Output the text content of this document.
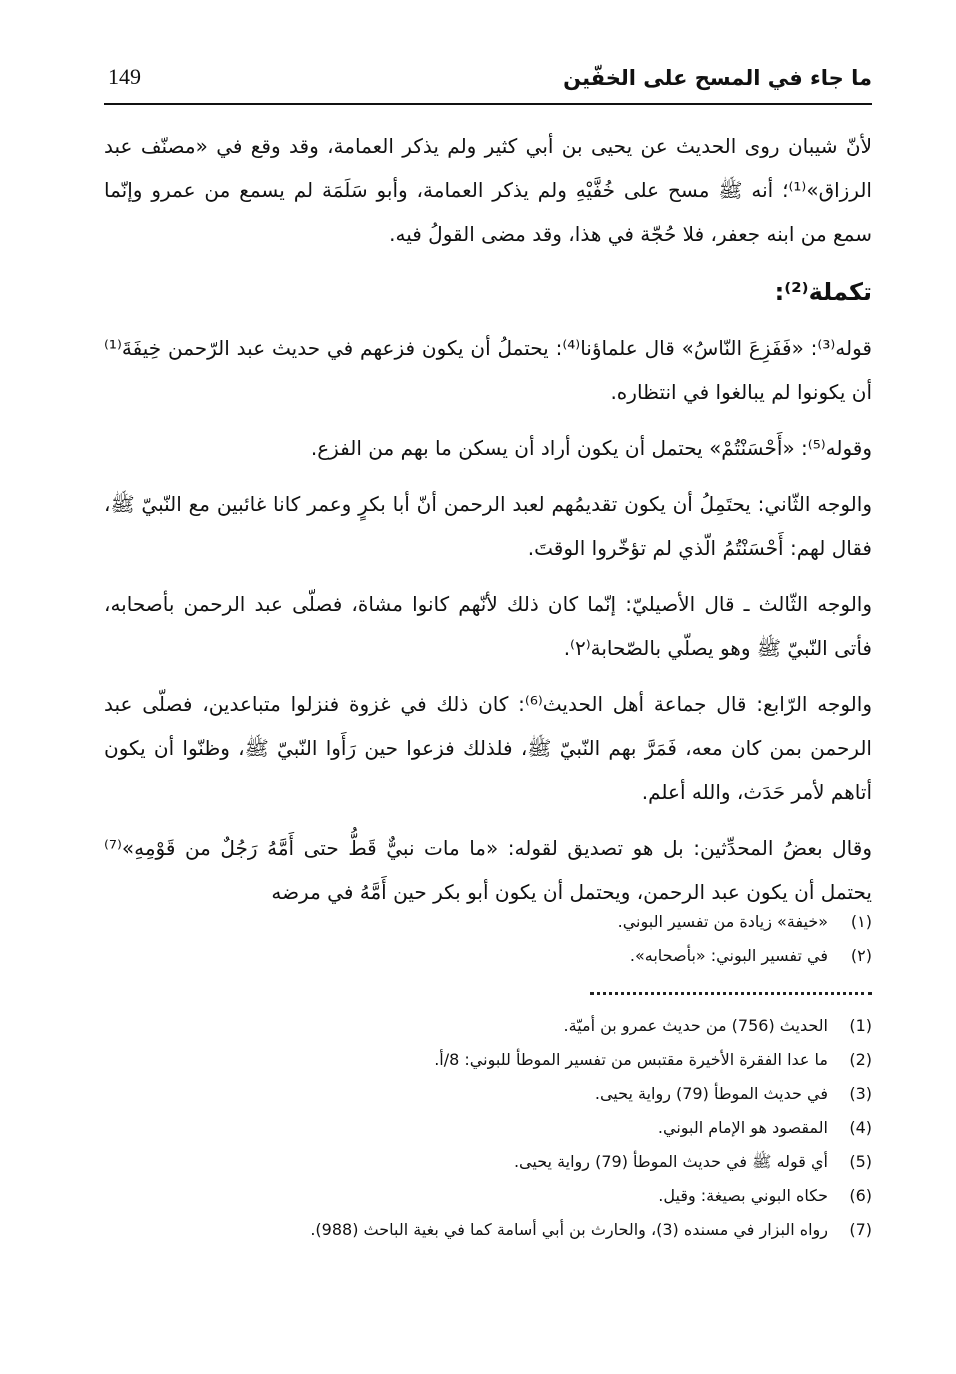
149	ما جاء في المسح على الخفّين

لأنّ شيبان روى الحديث عن يحيى بن أبي كثير ولم يذكر العمامة، وقد وقع في «مصنّف عبد الرزاق»⁽¹⁾؛ أنه ﷺ مسح على خُفَّيْهِ ولم يذكر العمامة، وأبو سَلَمَة لم يسمع من عمرو وإنّما سمع من ابنه جعفر، فلا حُجّة في هذا، وقد مضى القولُ فيه.

تكملة⁽²⁾:

قوله⁽³⁾: «فَفَزِعَ النّاسُ» قال علماؤنا⁽⁴⁾: يحتملُ أن يكون فزعهم في حديث عبد الرّحمن خِيفَةَ⁽¹⁾ أن يكونوا لم يبالغوا في انتظاره.

وقوله⁽⁵⁾: «أَحْسَنْتُمْ» يحتمل أن يكون أراد أن يسكن ما بهم من الفزع.

والوجه الثّاني: يحتَمِلُ أن يكون تقديمُهم لعبد الرحمن أنّ أبا بكرٍ وعمر كانا غائبين مع النّبيّ ﷺ، فقال لهم: أَحْسَنْتُمُ الّذي لم تؤخّروا الوقتَ.

والوجه الثّالث ـ قال الأصيليّ: إنّما كان ذلك لأنّهم كانوا مشاة، فصلّى عبد الرحمن بأصحابه، فأتى النّبيّ ﷺ وهو يصلّي بالصّحابة⁽٢⁾.

والوجه الرّابع: قال جماعة أهل الحديث⁽⁶⁾: كان ذلك في غزوة فنزلوا متباعدين، فصلّى عبد الرحمن بمن كان معه، فَمَرَّ بهم النّبيّ ﷺ، فلذلك فزعوا حين رَأَوا النّبيّ ﷺ، وظنّوا أن يكون أتاهم لأمر حَدَث، والله أعلم.

وقال بعضُ المحدِّثين: بل هو تصديق لقوله: «ما مات نبيٌّ قَطُّ حتى أَمَّهُ رَجُلٌ من قَوْمِهِ»⁽⁷⁾ يحتمل أن يكون عبد الرحمن، ويحتمل أن يكون أبو بكر حين أَمَّهُ في مرضه

(١)
«خيفة» زيادة من تفسير البوني.
(٢)
في تفسير البوني: «بأصحابه».
(1)
الحديث (756) من حديث عمرو بن أميّة.
(2)
ما عدا الفقرة الأخيرة مقتبس من تفسير الموطأ للبوني: 8/أ.
(3)
في حديث الموطأ (79) رواية يحيى.
(4)
المقصود هو الإمام البوني.
(5)
أي قوله ﷺ في حديث الموطأ (79) رواية يحيى.
(6)
حكاه البوني بصيغة: وقيل.
(7)
رواه البزار في مسنده (3)، والحارث بن أبي أسامة كما في بغية الباحث (988).
